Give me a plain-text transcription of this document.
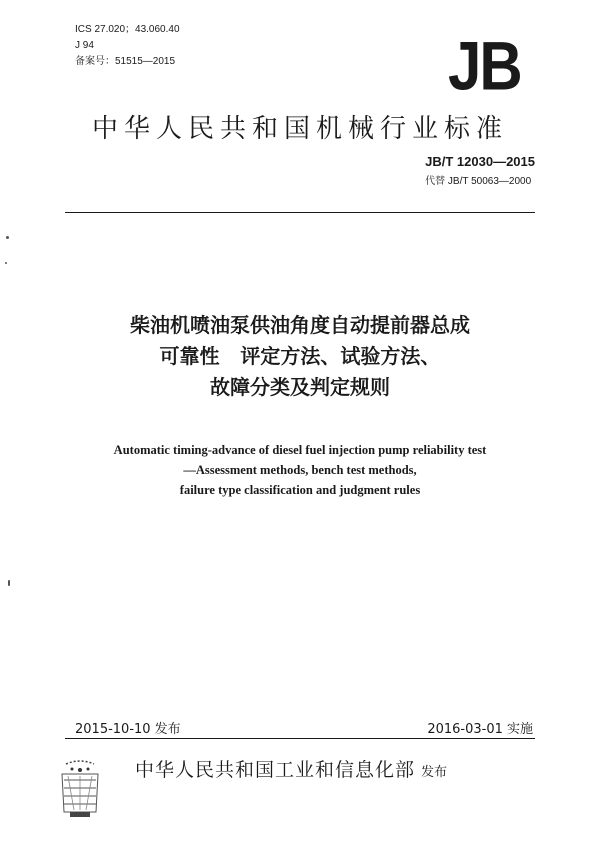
ICS 27.020；43.060.40
J 94
备案号：51515—2015	JB
中华人民共和国机械行业标准
JB/T 12030—2015
代替 JB/T 50063—2000
柴油机喷油泵供油角度自动提前器总成
可靠性   评定方法、试验方法、
故障分类及判定规则
Automatic timing-advance of diesel fuel injection pump reliability test
—Assessment methods, bench test methods,
failure type classification and judgment rules
2015-10-10 发布	2016-03-01 实施
中华人民共和国工业和信息化部 发布
